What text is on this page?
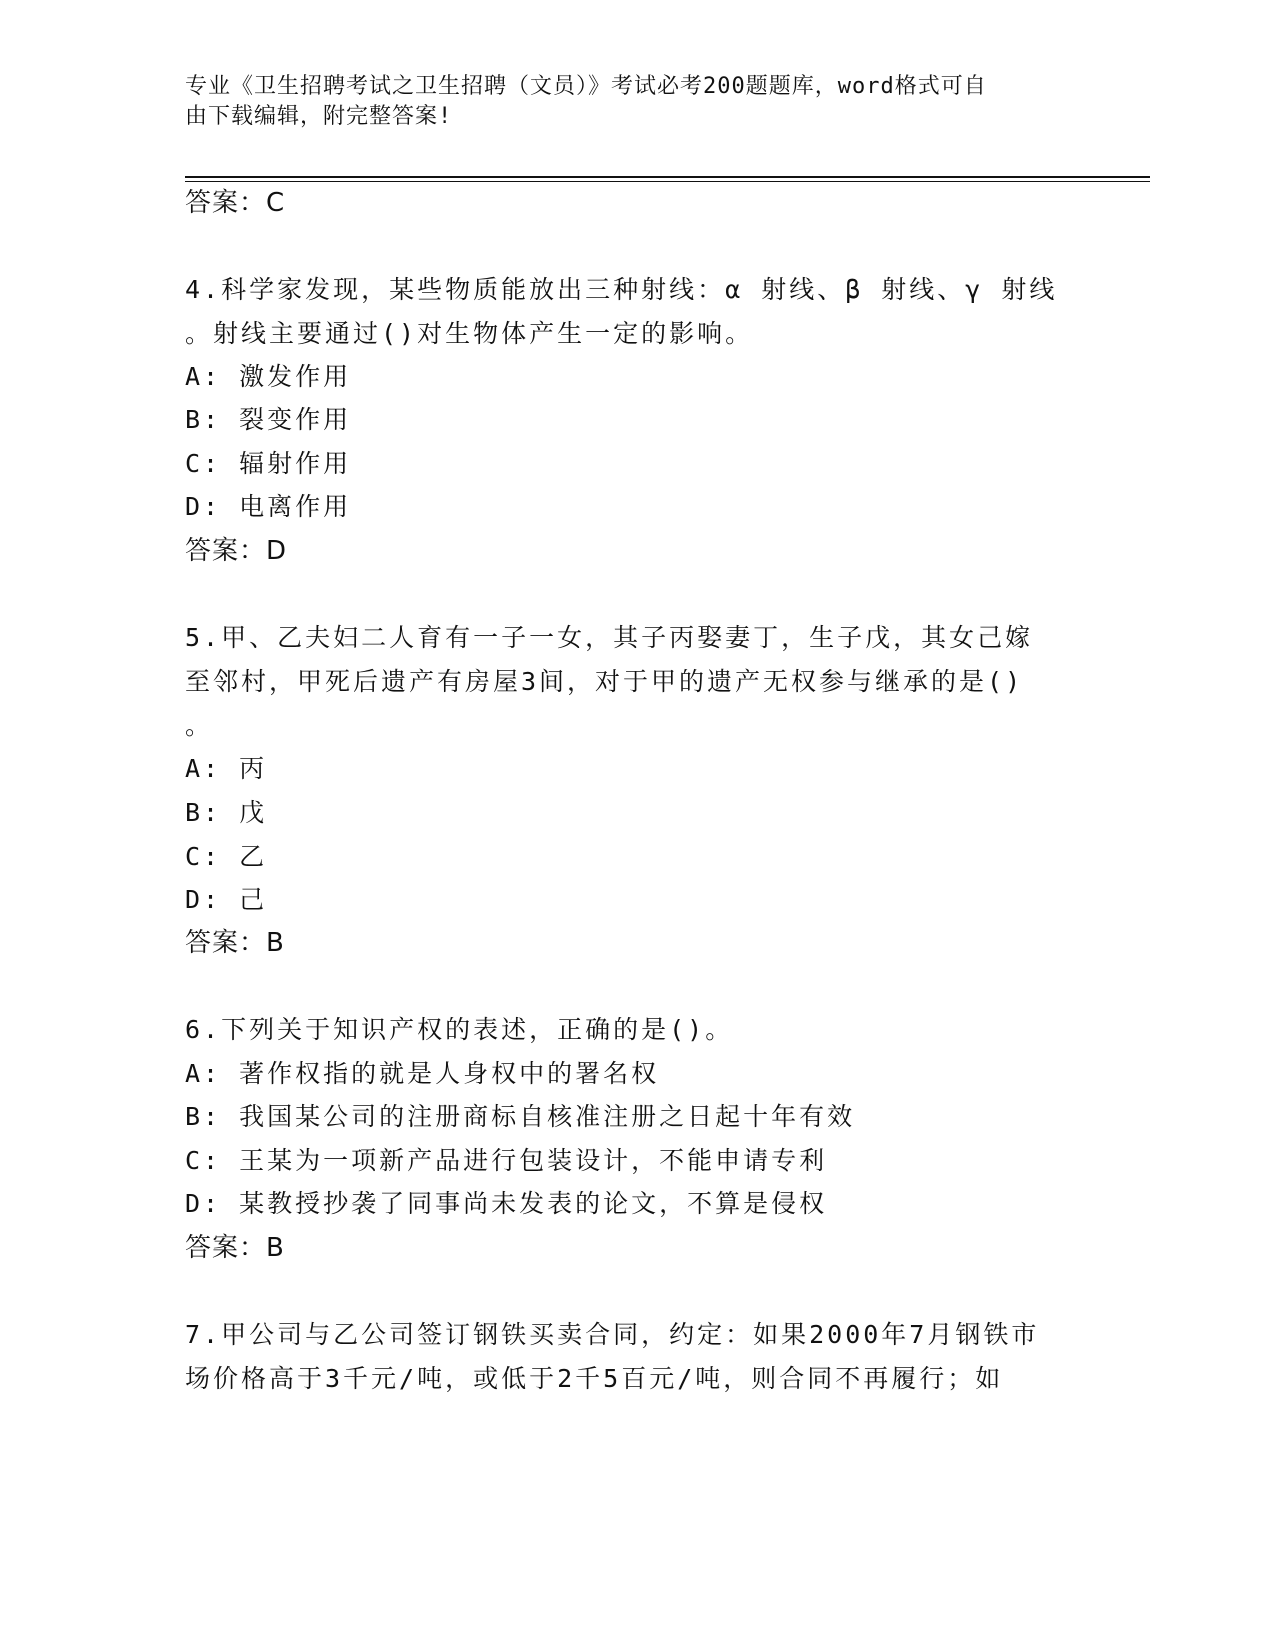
专业《卫生招聘考试之卫生招聘（文员）》考试必考200题题库，word格式可自
由下载编辑，附完整答案!
答案：C
4.科学家发现，某些物质能放出三种射线：α 射线、β 射线、γ 射线
。射线主要通过()对生物体产生一定的影响。
A: 激发作用
B: 裂变作用
C: 辐射作用
D: 电离作用
答案：D
5.甲、乙夫妇二人育有一子一女，其子丙娶妻丁，生子戊，其女己嫁
至邻村，甲死后遗产有房屋3间，对于甲的遗产无权参与继承的是()
。
A: 丙
B: 戊
C: 乙
D: 己
答案：B
6.下列关于知识产权的表述，正确的是()。
A: 著作权指的就是人身权中的署名权
B: 我国某公司的注册商标自核准注册之日起十年有效
C: 王某为一项新产品进行包装设计，不能申请专利
D: 某教授抄袭了同事尚未发表的论文，不算是侵权
答案：B
7.甲公司与乙公司签订钢铁买卖合同，约定：如果2000年7月钢铁市
场价格高于3千元/吨，或低于2千5百元/吨，则合同不再履行；如
